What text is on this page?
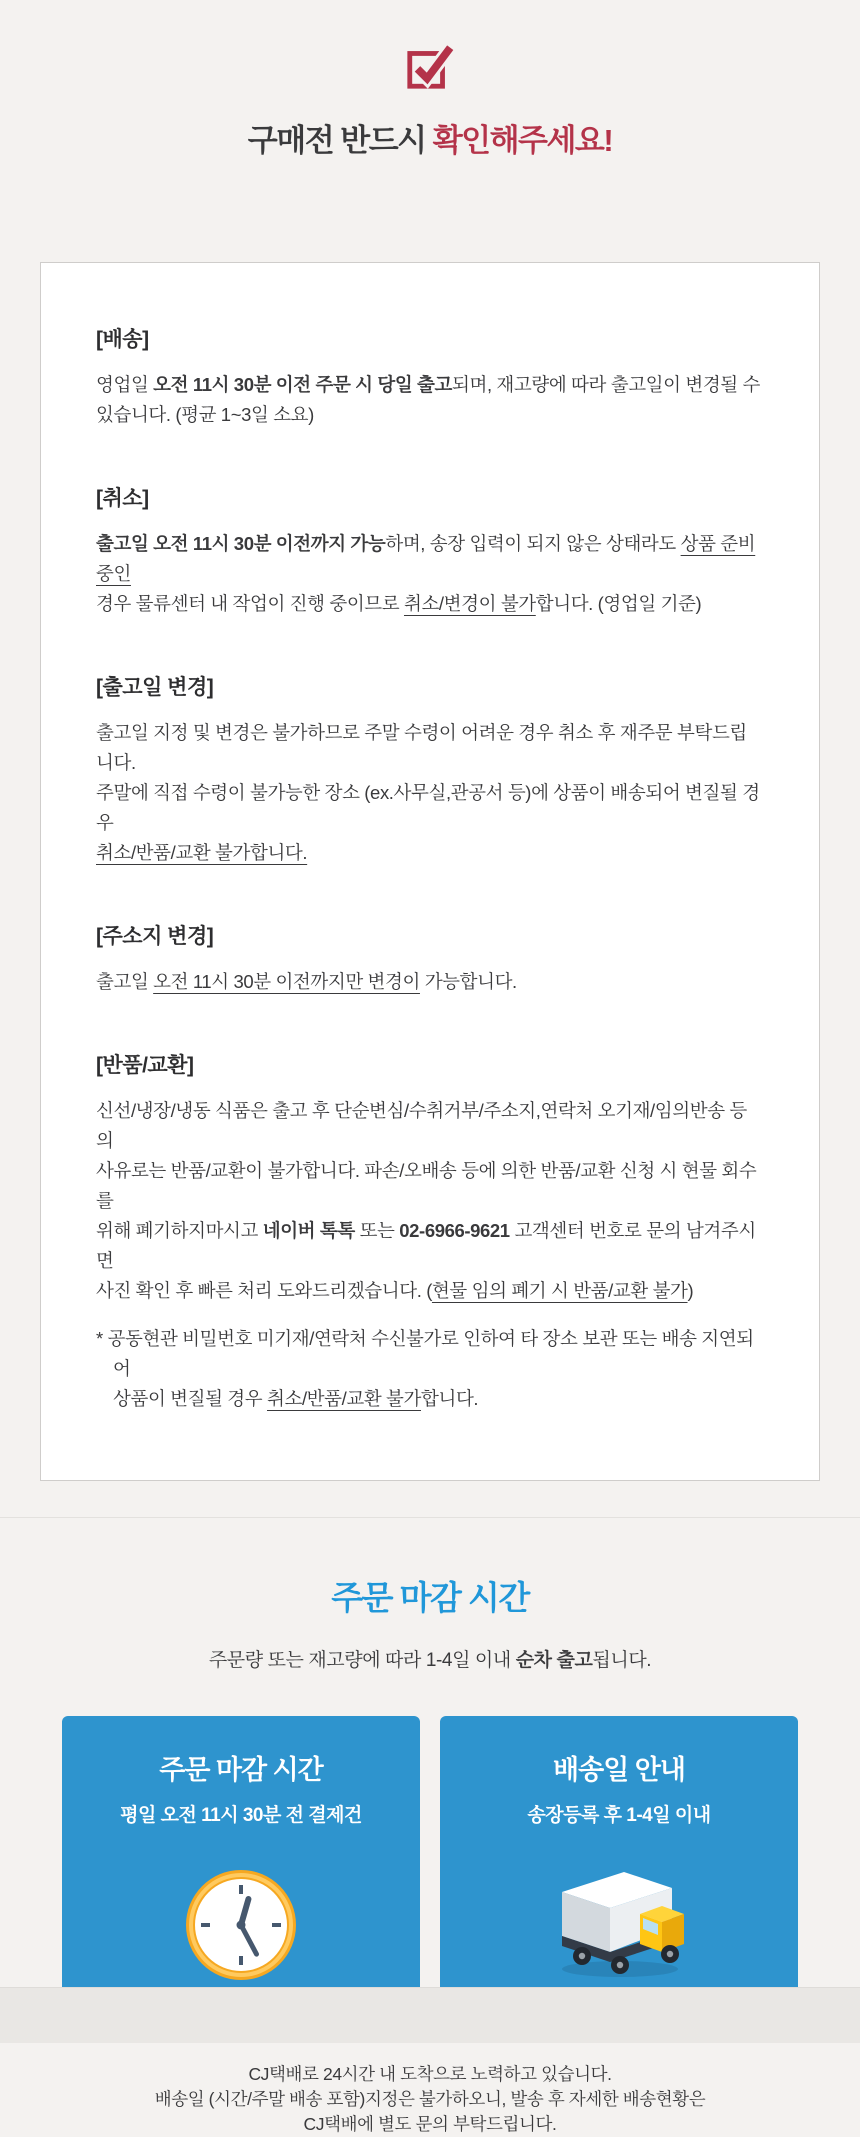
구매전 반드시 확인해주세요!
[배송]

영업일 오전 11시 30분 이전 주문 시 당일 출고되며, 재고량에 따라 출고일이 변경될 수
있습니다. (평균 1~3일 소요)

[취소]

출고일 오전 11시 30분 이전까지 가능하며, 송장 입력이 되지 않은 상태라도 상품 준비중인
경우 물류센터 내 작업이 진행 중이므로 취소/변경이 불가합니다. (영업일 기준)

[출고일 변경]

출고일 지정 및 변경은 불가하므로 주말 수령이 어려운 경우 취소 후 재주문 부탁드립니다.
주말에 직접 수령이 불가능한 장소 (ex.사무실,관공서 등)에 상품이 배송되어 변질될 경우
취소/반품/교환 불가합니다.

[주소지 변경]

출고일 오전 11시 30분 이전까지만 변경이 가능합니다.

[반품/교환]

신선/냉장/냉동 식품은 출고 후 단순변심/수취거부/주소지,연락처 오기재/임의반송 등의
사유로는 반품/교환이 불가합니다. 파손/오배송 등에 의한 반품/교환 신청 시 현물 회수를
위해 폐기하지마시고 네이버 톡톡 또는 02-6966-9621 고객센터 번호로 문의 남겨주시면
사진 확인 후 빠른 처리 도와드리겠습니다. (현물 임의 폐기 시 반품/교환 불가)

* 공동현관 비밀번호 미기재/연락처 수신불가로 인하여 타 장소 보관 또는 배송 지연되어
상품이 변질될 경우 취소/반품/교환 불가합니다.

주문 마감 시간

주문량 또는 재고량에 따라 1-4일 이내 순차 출고됩니다.

주문 마감 시간
평일 오전 11시 30분 전 결제건
배송일 안내
송장등록 후 1-4일 이내
CJ택배로 24시간 내 도착으로 노력하고 있습니다.
배송일 (시간/주말 배송 포함)지정은 불가하오니, 발송 후 자세한 배송현황은
CJ택배에 별도 문의 부탁드립니다.
